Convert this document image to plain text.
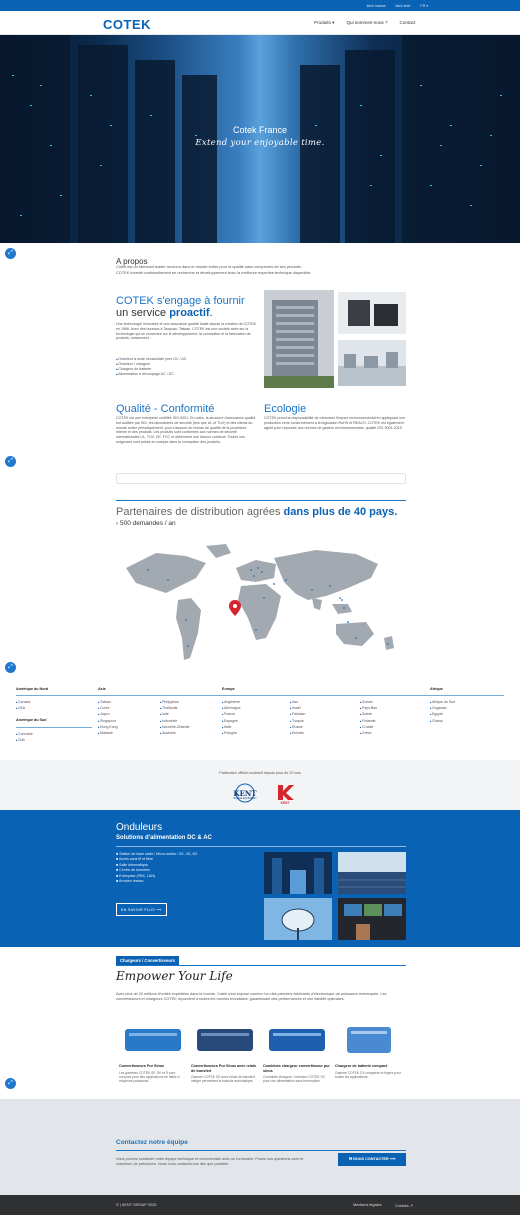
kent-marine	kent-tech	FR ▾
COTEK	Produits ▾	Qui sommes-nous ?	Contact
Cotek France
Extend your enjoyable time.
⤢
⤢
⤢
⤢
A propos
Cotek est un fabricant leader reconnu dans le monde entier pour la qualité sans compromis de ses produits.
COTEK investit continuellement en recherche et développement avec la meilleure expertise technique disponible.
COTEK s'engage à fournir
un service proactif.
Une technologie innovante et une assurance qualité totale depuis la création de COTEK en 1986. Avec des bureaux à Taoyuan, Taiwan. COTEK est une société axée sur la technologie qui se concentre sur le développement, la conception et la fabrication de produits, notamment :
■ Onduleur à onde sinusoïdale pure DC / AC
■ Onduleur / chargeur
■ Chargeur de batterie
■ Alimentation à découpage AC / DC
Qualité - Conformité
COTEK est une entreprise certifiée ISO-9001. En outre, la structure d'assurance qualité est auditée par ISO, les laboratoires de sécurité (tels que UL et TUV) et des clients du monde entier périodiquement, pour s'assurer du niveau de qualité de la procédure interne et des produits. Les produits sont conformes aux normes de sécurité internationales UL, TUV, CE, FCC et obtiennent une licence continue. Toutes ces exigences sont prises en compte dans la conception des produits.
Ecologie
COTEK prend la responsabilité de minimiser l'impact environnemental en appliquant une production verte conformément à la législation RoHS et REACH. COTEK est également agréé pour répondre aux normes de gestion environnementale, qualité ISO 9001-2015.
Partenaires de distribution agrées dans plus de 40 pays.
› 500 demandes / an
Amérique du Nord
■ Canada
■ USA
Amérique du Sud
■ Colombie
■ Chili
Asie
■ Taiwan
■ Corée
■ Japon
■ Singapour
■ Hong Kong
■ Malaisie
■ Philippines
■ Thaïlande
■ Inde
■ Indonésie
■ Nouvelle-Zélande
■ Australie
Europe
■ Angleterre
■ Allemagne
■ France
■ Espagne
■ Italie
■ Pologne
■ Iran
■ Israël
■ Pakistan
■ Turquie
■ Russie
■ Emirats
■ Suisse
■ Pays-Bas
■ Suède
■ Finlande
■ Croatie
■ Grèce
Afrique
■ Afrique du Sud
■ Ouganda
■ Egypte
■ Ghana
Partenaire officiel and/self depuis plus de 20 ans
KENT
MARINE EQUIPMENT
KENT
Onduleurs
Solutions d'alimentation DC & AC
■ Station de base radio / Micro-ondes / 3G, 4G, 5G
■ Accès sans fil et fibre
■ Salle informatique
■ Centre de données
■ Entreprise (PBX, LAN)
■ Armoire réseau
EN SAVOIR PLUS ⟶
Chargeurs / Convertisseurs
Empower Your Life
Avec plus de 20 millions d'unités expédiées dans le monde, Cotek s'est imposé comme l'un des premiers fabricants d'électronique de puissance embarquée. Les convertisseurs et chargeurs COTEK répondent à toutes les normes mondiales, garantissant des performances et une fiabilité optimales.
Convertisseurs Pur Sinus
Les gammes COTEK SP, SK et S sont conçues pour des applications de faible à moyenne puissance.
Convertisseurs Pur Sinus avec relais de transfert
Gamme COTEK SD avec relais de transfert intégré permettant la bascule automatique.
Combinés chargeur convertisseur pur sinus
Combinés chargeur / onduleur COTEK SC pour une alimentation sans interruption.
Chargeur de batterie compact
Gamme COTEK CX compacte et légère pour toutes les applications.
Contactez notre équipe
Vous pouvez contacter notre équipe technique et commerciale avec un formulaire. Posez nos questions avec le maximum de précisions. Nous vous contacterons dès que possible.
✉ NOUS CONTACTER ⟶
© | KENT GROUP 2025	Mentions légales	Cookies ↗
